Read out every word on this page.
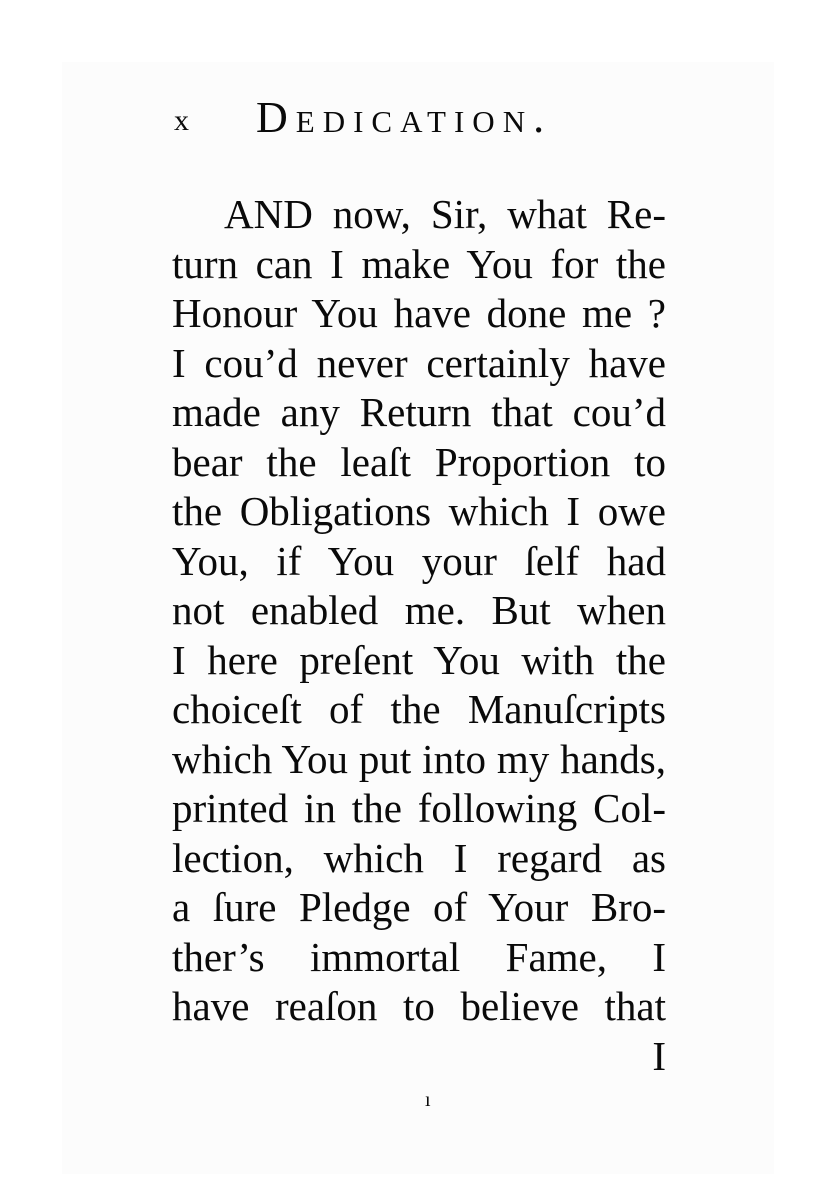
x Dedication.
AND now, Sir, what Re-
turn can I make You for the
Honour You have done me ?
I cou’d never certainly have
made any Return that cou’d
bear the leaſt Proportion to
the Obligations which I owe
You, if You your ſelf had
not enabled me. But when
I here preſent You with the
choiceſt of the Manuſcripts
which You put into my hands,
printed in the following Col-
lection, which I regard as
a ſure Pledge of Your Bro-
ther’s immortal Fame, I
have reaſon to believe that
I
ı
